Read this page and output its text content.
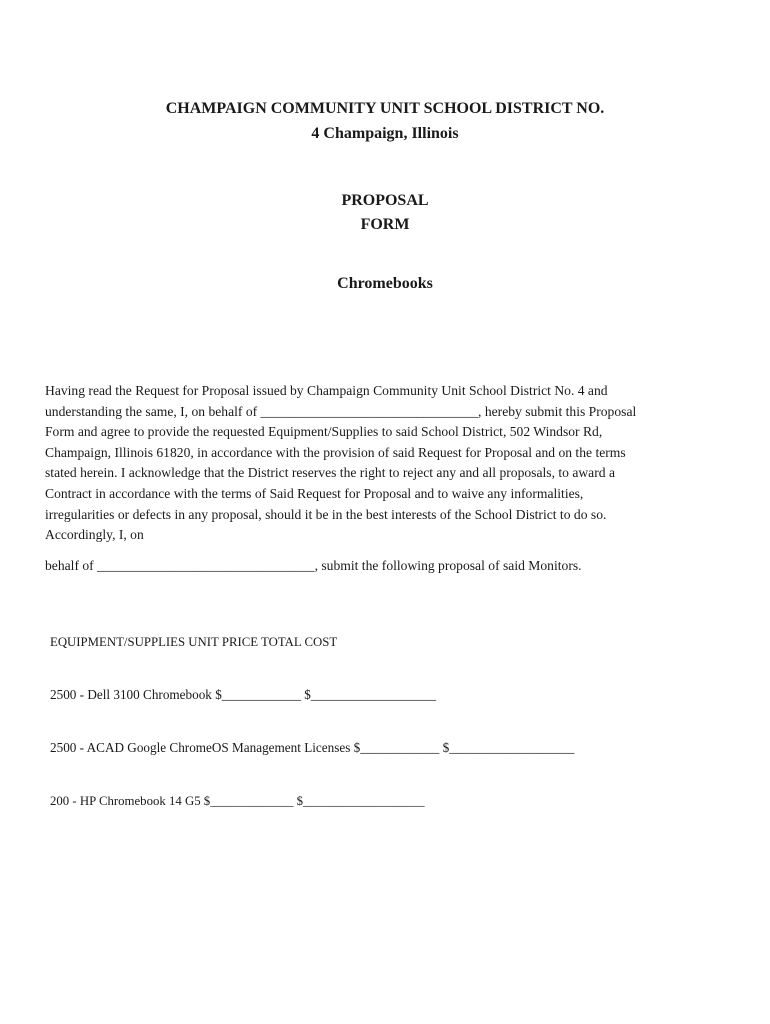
CHAMPAIGN COMMUNITY UNIT SCHOOL DISTRICT NO.
4 Champaign, Illinois
PROPOSAL
FORM
Chromebooks
Having read the Request for Proposal issued by Champaign Community Unit School District No. 4 and
understanding the same, I, on behalf of ________________________________, hereby submit this Proposal
Form and agree to provide the requested Equipment/Supplies to said School District, 502 Windsor Rd,
Champaign, Illinois 61820, in accordance with the provision of said Request for Proposal and on the terms
stated herein. I acknowledge that the District reserves the right to reject any and all proposals, to award a
Contract in accordance with the terms of Said Request for Proposal and to waive any informalities,
irregularities or defects in any proposal, should it be in the best interests of the School District to do so.
Accordingly, I, on
behalf of ________________________________, submit the following proposal of said Monitors.
EQUIPMENT/SUPPLIES UNIT PRICE TOTAL COST
2500 - Dell 3100 Chromebook $____________ $___________________
2500 - ACAD Google ChromeOS Management Licenses $____________ $___________________
200 - HP Chromebook 14 G5 $_____________ $___________________
